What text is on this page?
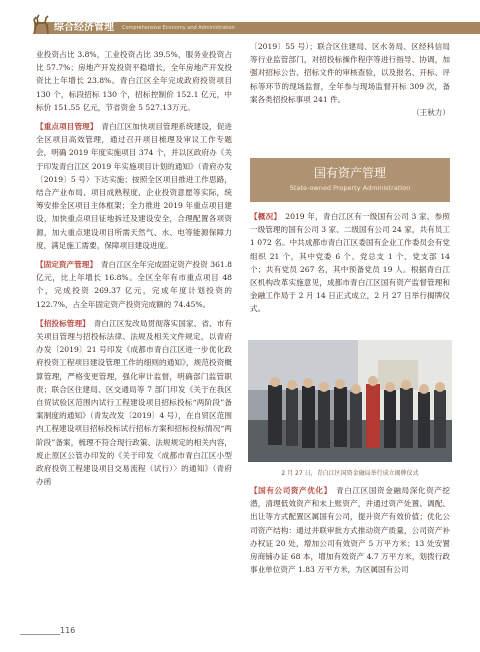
综合经济管理 Comprehensive Economy and Administration

业投资占比 3.8%，工业投资占比 39.5%，服务业投资占比 57.7%；房地产开发投资平稳增长，全年房地产开发投资比上年增长 23.8%。青白江区全年完成政府投资项目 130 个，标段招标 130 个，招标控制价 152.1 亿元，中标价 151.55 亿元，节省资金 5 527.13万元。

【重点项目管理】　 青白江区加快项目管理系统建设，促进全区项目高效管理，通过召开项目梳理及审议工作专题会，明确 2019 年度实施项目 374 个，并以区政府办《关于印发青白江区 2019 年实施项目计划的通知》（青府办发〔2019〕5 号）下达实施；按照全区项目推进工作思路，结合产业布局、项目成熟程度、企业投资意愿等实际，统筹安排全区项目主体框架；全力推进 2019 年重点项目建设，加快重点项目征地拆迁及建设安全，合理配置各项资源，加大重点建设项目所需天然气、水、电等能源保障力度，满足施工需要，保障项目建设进度。

【固定资产管理】　 青白江区全年完成固定资产投资 361.8 亿元，比上年增长 16.8%。全区全年有市重点项目 48 个，完成投资 269.37 亿元，完成年度计划投资的 122.7%，占全年固定资产投资完成额的 74.45%。

【招投标管理】　 青白江区发改局贯彻落实国家、省、市有关项目管理与招投标法律、法规及相关文件规定，以青府办发〔2019〕21 号印发《成都市青白江区进一步优化政府投资工程项目建设管理工作的细则的通知》，规范投资概算管理，严格变更管理，强化审计监督，明确部门监管职责；联合区住建局、区交通局等 7 部门印发《关于在我区自贸试验区范围内试行工程建设项目招标投标“两阶段”备案制度的通知》（青发改发〔2019〕4 号），在自贸区范围内工程建设项目招标投标试行招标方案和招标投标情况“两阶段”备案，梳理不符合现行政策、法规规定的相关内容，废止原区公管办印发的《关于印发〈成都市青白江区小型政府投资工程建设项目交易流程（试行）〉的通知》（青府办函

〔2019〕55 号）；联合区住建局、区水务局、区经科信局等行业监管部门，对招投标操作程序等进行指导、协调，加强对招标公告、招标文件的审核查验，以及报名、开标、评标等环节的现场监督，全年参与现场监督开标 309 次，备案各类招投标事项 241 件。

（王秋力）
国有资产管理
State-owned Property Administration

【概况】　 2019 年，青白江区有一级国有公司 3 家、参照一级管理的国有公司 3 家、二级国有公司 24 家，共有员工 1 072 名。中共成都市青白江区委国有企业工作委员会有党组织 21 个，其中党委 6 个、党总支 1 个、党支部 14 个；共有党员 267 名，其中预备党员 19 人。根据青白江区机构改革实施意见，成都市青白江区国有资产监督管理和金融工作局于 2 月 14 日正式成立，2 月 27 日举行揭牌仪式。

2 月 27 日，青白江区国资金融局举行成立揭牌仪式

【国有公司资产优化】　 青白江区国资金融局深化资产挖潜，清理低效资产和未上账资产，并通过资产处置、调配、出让等方式配置区属国有公司，提升资产有效价值；优化公司资产结构：通过并联审批方式推动资产质量，公司资产补办权证 20 处，增加公司有效资产 5 万平方米；13 处安置房商铺办证 68 本，增加有效资产 4.7 万平方米，划拨行政事业单位资产 1.83 万平方米，为区属国有公司

116
